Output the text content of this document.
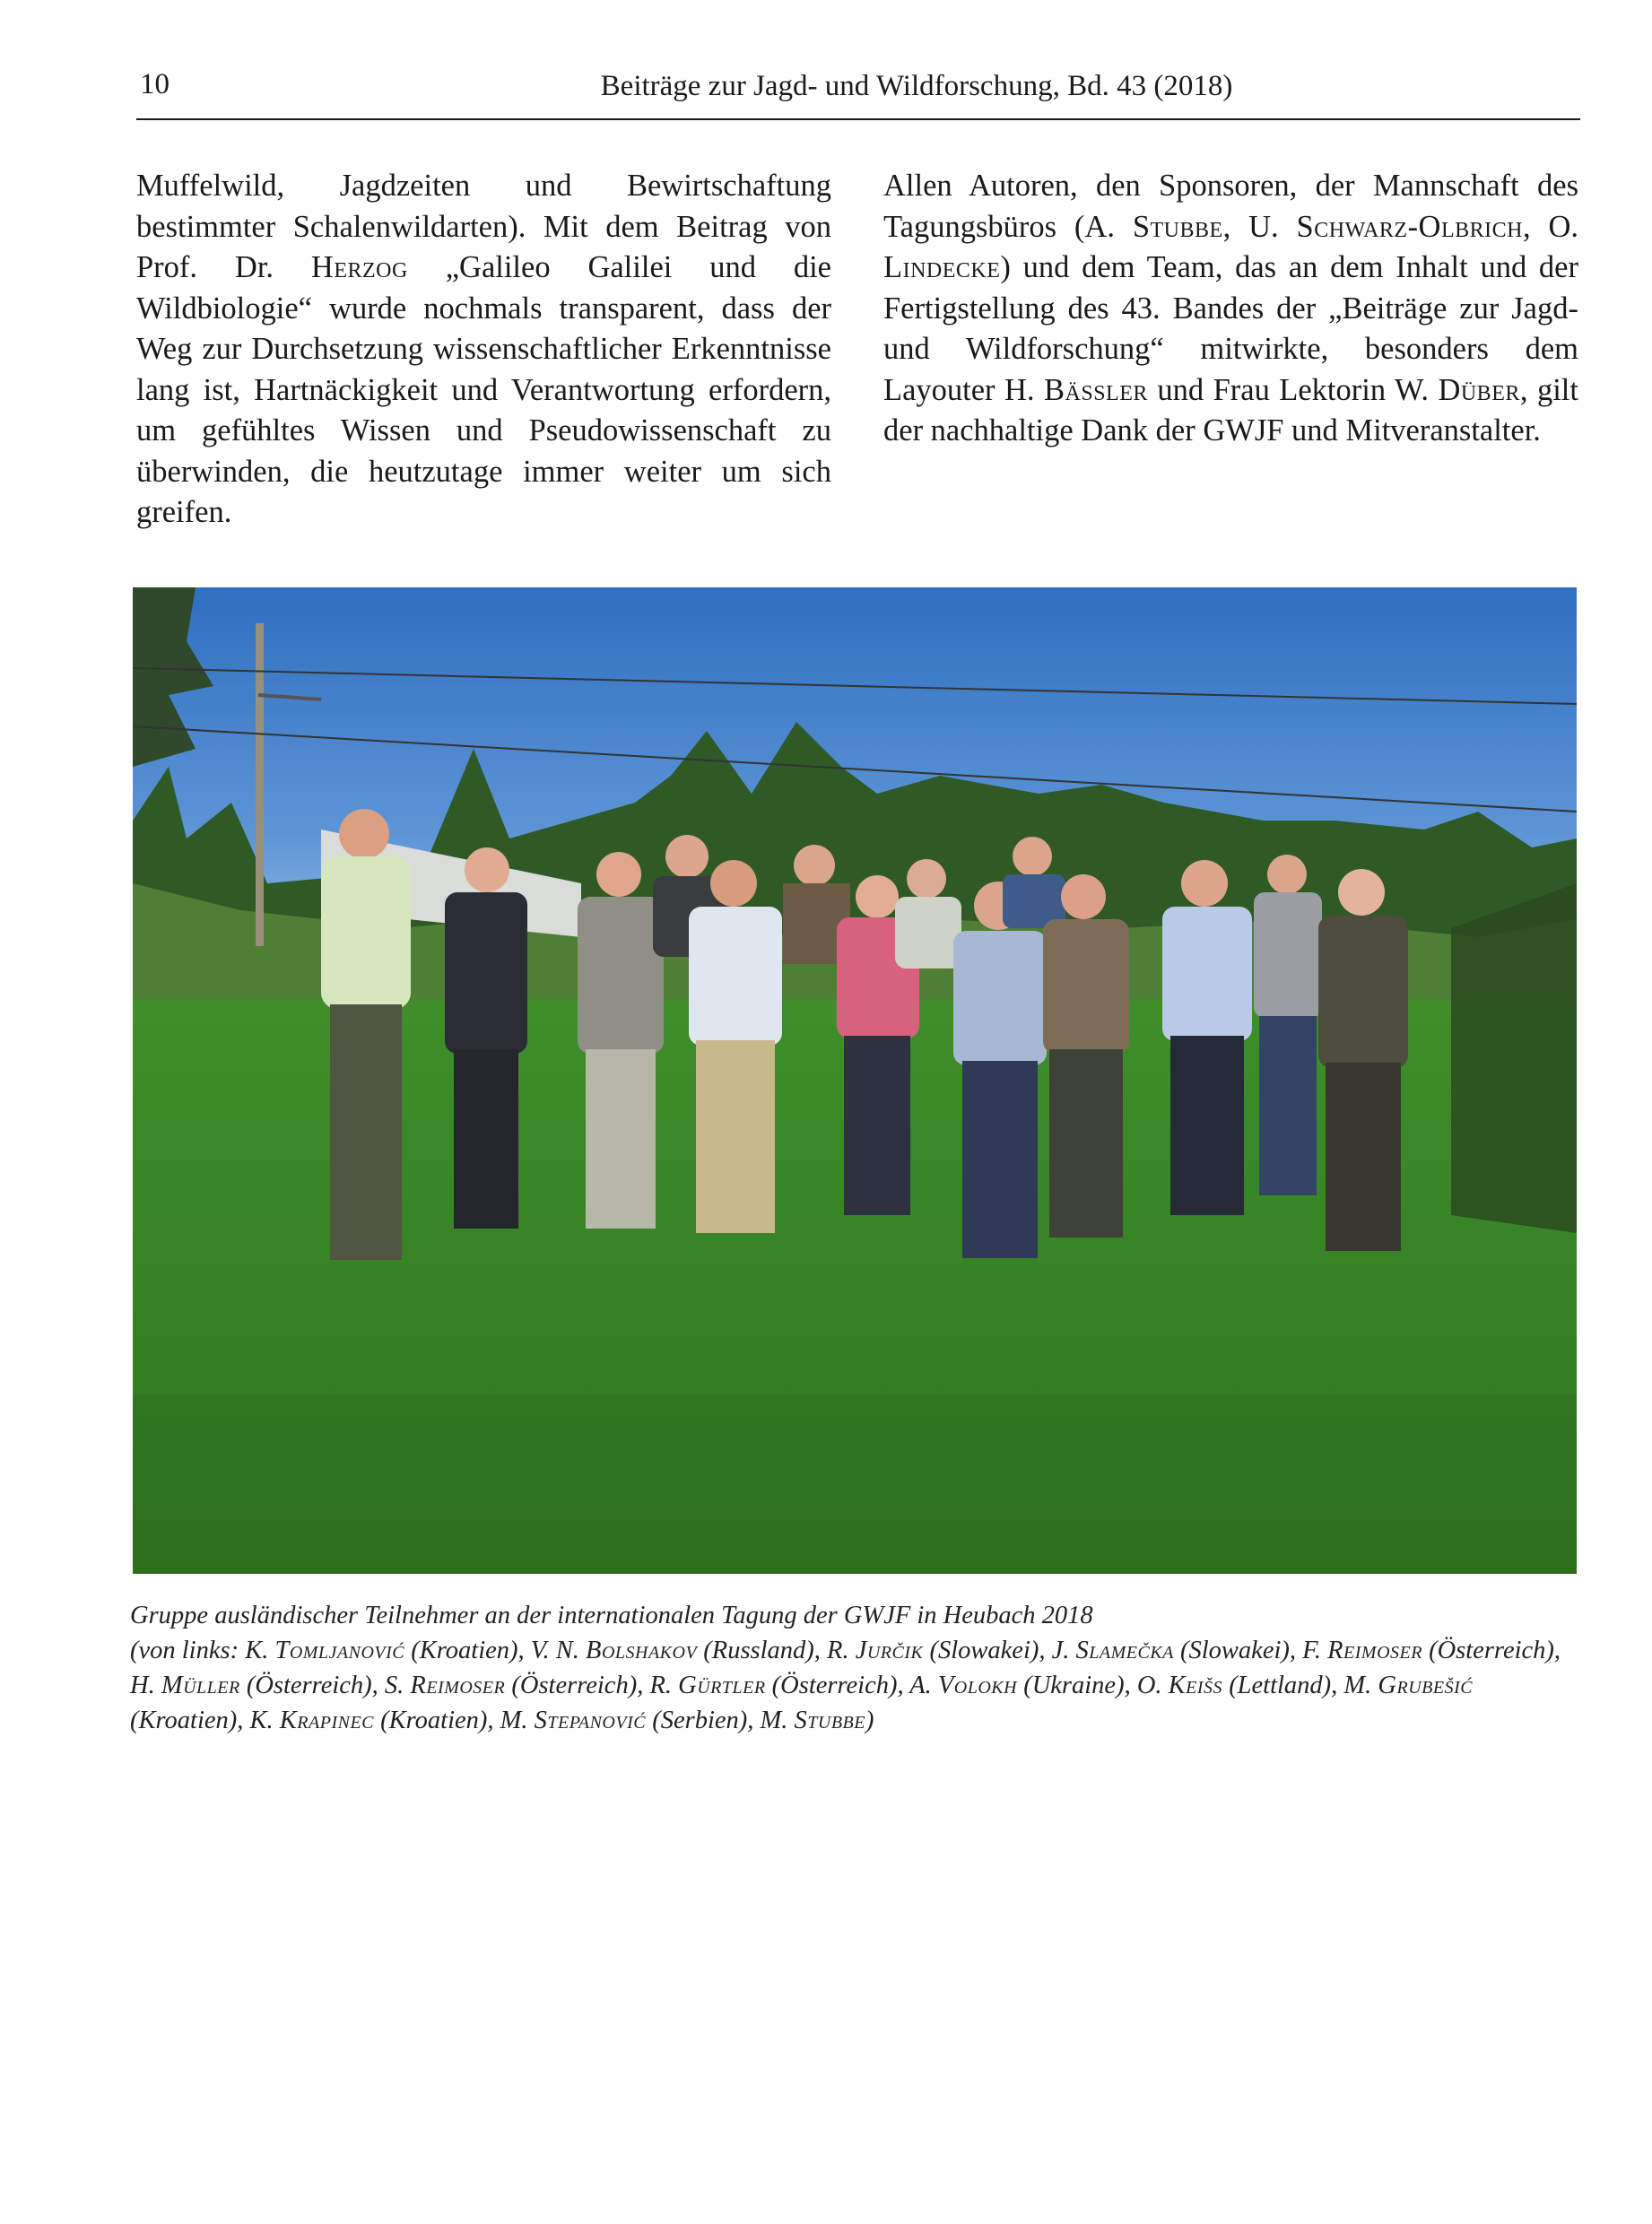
10	Beiträge zur Jagd- und Wildforschung, Bd. 43 (2018)

Muffelwild, Jagdzeiten und Bewirtschaftung bestimmter Schalenwildarten). Mit dem Beitrag von Prof. Dr. Herzog „Galileo Galilei und die Wildbiologie“ wurde nochmals transparent, dass der Weg zur Durchsetzung wissenschaftlicher Erkenntnisse lang ist, Hartnäckigkeit und Verantwortung erfordern, um gefühltes Wissen und Pseudowissenschaft zu überwinden, die heutzutage immer weiter um sich greifen.

Allen Autoren, den Sponsoren, der Mannschaft des Tagungsbüros (A. Stubbe, U. Schwarz-Olbrich, O. Lindecke) und dem Team, das an dem Inhalt und der Fertigstellung des 43. Bandes der „Beiträge zur Jagd- und Wildforschung“ mitwirkte, besonders dem Layouter H. Bässler und Frau Lektorin W. Düber, gilt der nachhaltige Dank der GWJF und Mitveranstalter.

Gruppe ausländischer Teilnehmer an der internationalen Tagung der GWJF in Heubach 2018

(von links: K. Tomljanović (Kroatien), V. N. Bolshakov (Russland), R. Jurčik (Slowakei), J. Slamečka (Slowakei), F. Reimoser (Österreich), H. Müller (Österreich), S. Reimoser (Österreich), R. Gürtler (Österreich), A. Volokh (Ukraine), O. Keišs (Lettland), M. Grubešić (Kroatien), K. Krapinec (Kroatien), M. Stepanović (Serbien), M. Stubbe)
